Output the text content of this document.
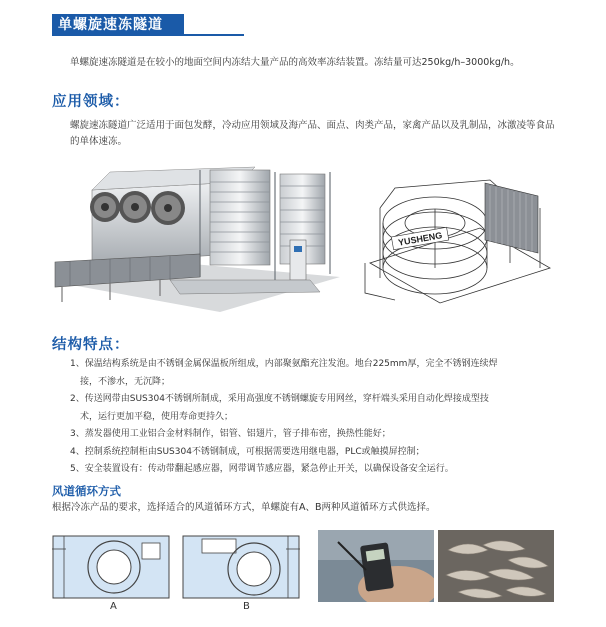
单螺旋速冻隧道
单螺旋速冻隧道是在较小的地面空间内冻结大量产品的高效率冻结装置。冻结量可达250kg/h–3000kg/h。
应用领域：
螺旋速冻隧道广泛适用于面包发酵，冷动应用领域及海产品、面点、肉类产品，家禽产品以及乳制品，冰激凌等食品的单体速冻。
YUSHENG
结构特点：
1、保温结构系统是由不锈钢金属保温板所组成，内部聚氨酯充注发泡。地台225mm厚，完全不锈钢连续焊
接，不渗水，无沉降；
2、传送网带由SUS304不锈钢所制成，采用高强度不锈钢螺旋专用网丝，穿杆端头采用自动化焊接成型技
术，运行更加平稳，使用寿命更持久；
3、蒸发器使用工业铝合金材料制作，铝管、铝翅片，管子排布密，换热性能好；
4、控制系统控制柜由SUS304不锈钢制成，可根据需要选用继电器，PLC或触摸屏控制；
5、安全装置设有：传动带翻起感应器，网带调节感应器，紧急停止开关，以确保设备安全运行。
风道循环方式
根据冷冻产品的要求，选择适合的风道循环方式，单螺旋有A、B两种风道循环方式供选择。
A	B
